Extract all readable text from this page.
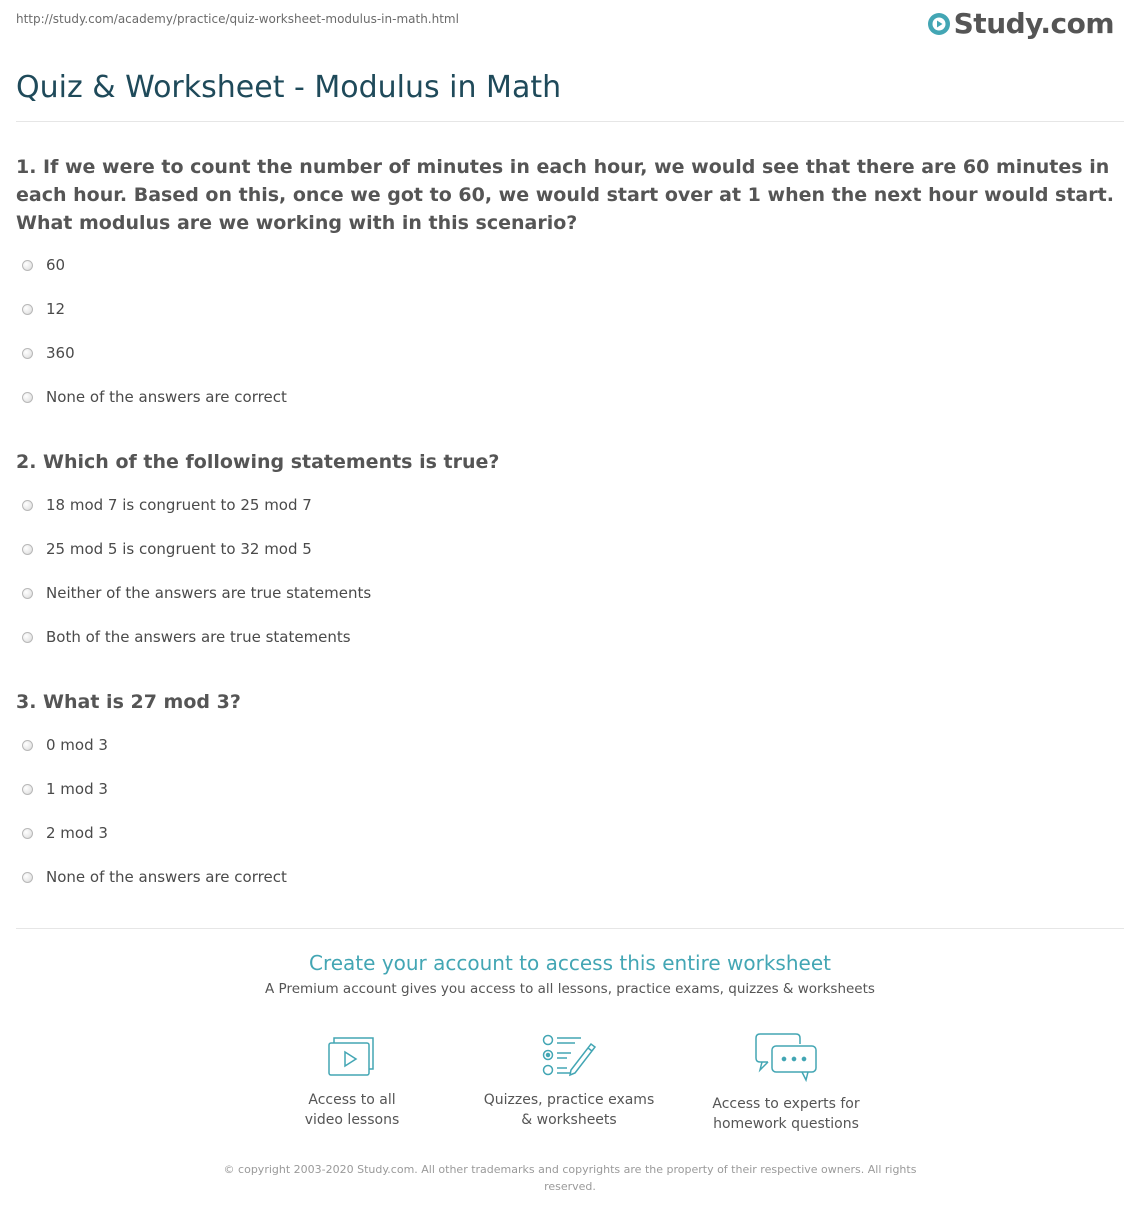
http://study.com/academy/practice/quiz-worksheet-modulus-in-math.html	Study.com
Quiz & Worksheet - Modulus in Math

1. If we were to count the number of minutes in each hour, we would see that there are 60 minutes in each hour. Based on this, once we got to 60, we would start over at 1 when the next hour would start. What modulus are we working with in this scenario?

60
12
360
None of the answers are correct

2. Which of the following statements is true?

18 mod 7 is congruent to 25 mod 7
25 mod 5 is congruent to 32 mod 5
Neither of the answers are true statements
Both of the answers are true statements

3. What is 27 mod 3?

0 mod 3
1 mod 3
2 mod 3
None of the answers are correct
Create your account to access this entire worksheet
A Premium account gives you access to all lessons, practice exams, quizzes & worksheets
Access to all
video lessons
Quizzes, practice exams
& worksheets
Access to experts for
homework questions
© copyright 2003-2020 Study.com. All other trademarks and copyrights are the property of their respective owners. All rights reserved.
